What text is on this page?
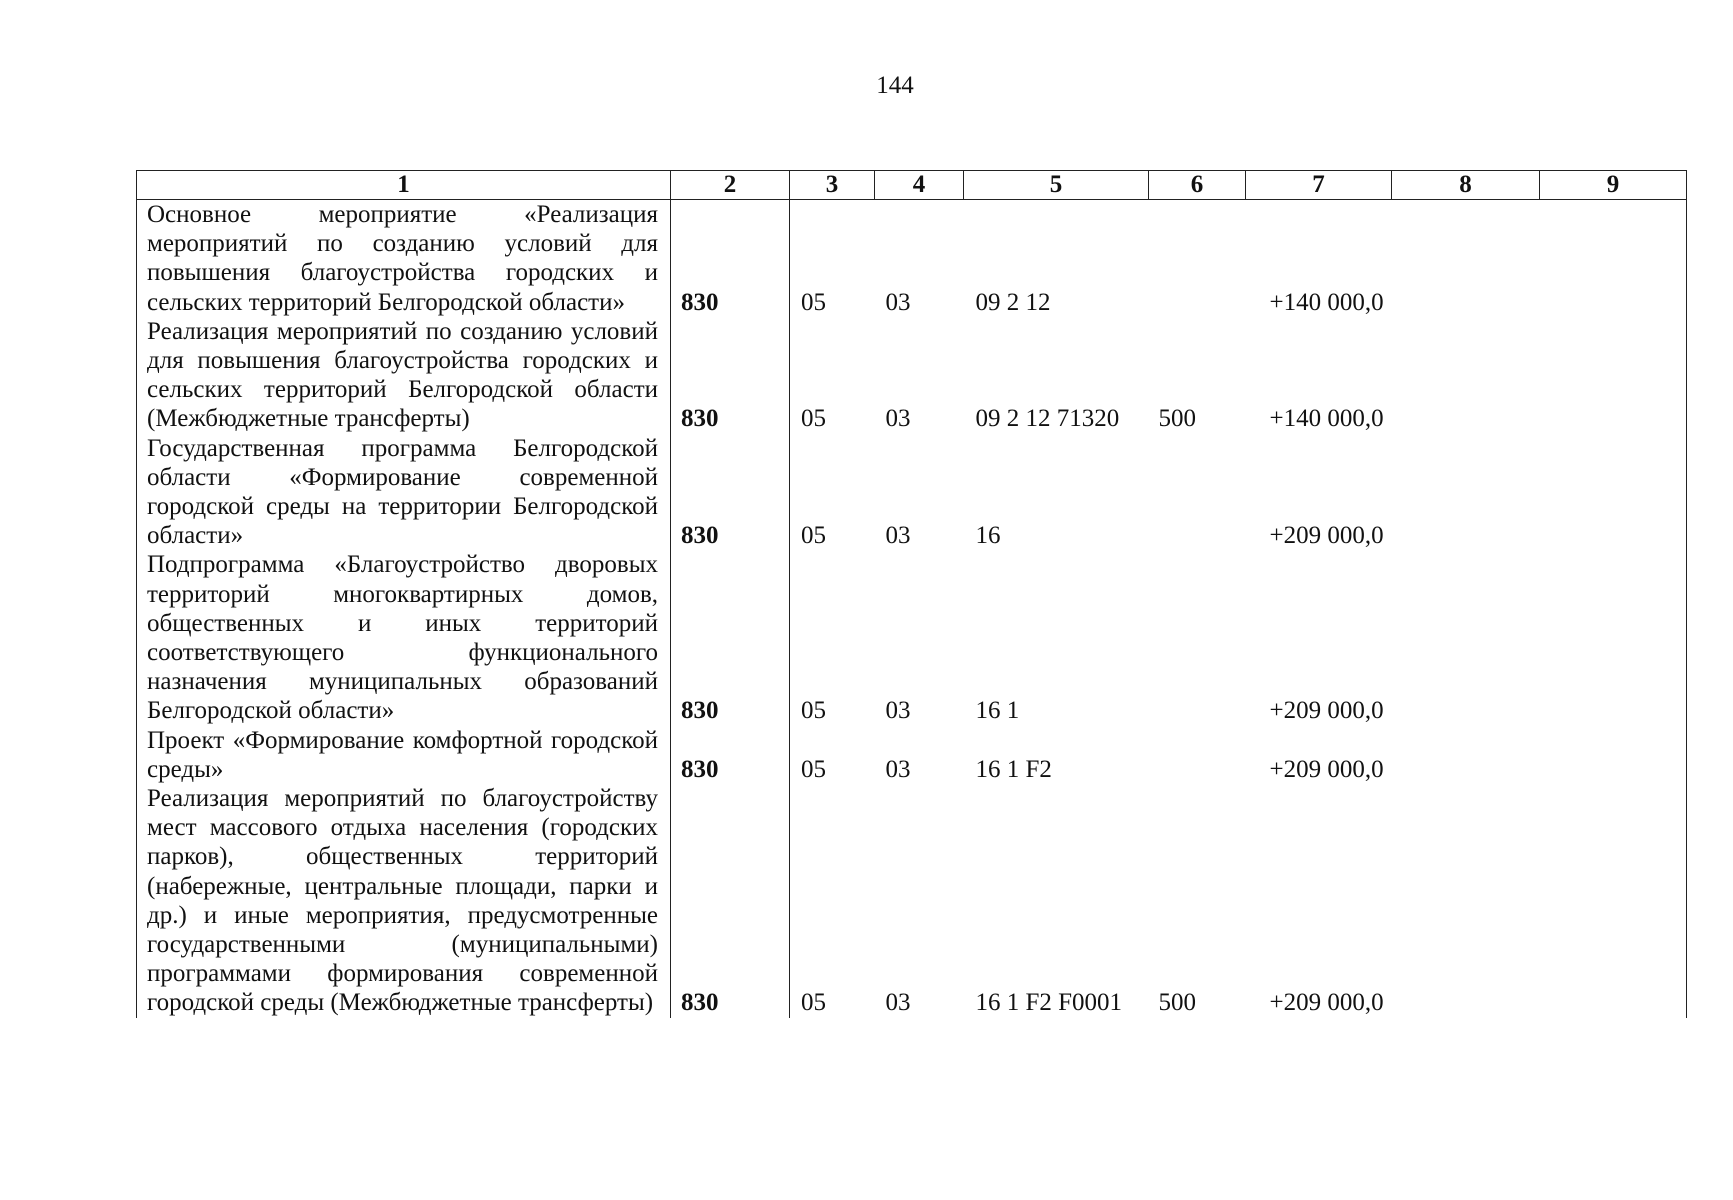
144
1	2	3	4	5	6	7	8	9
Основное мероприятие «Реализация мероприятий по созданию условий для повышения благоустройства городских и сельских территорий Белгородской области»	830	05	03	09 2 12		+140 000,0		
Реализация мероприятий по созданию условий для повышения благоустройства городских и сельских территорий Белгородской области (Межбюджетные трансферты)	830	05	03	09 2 12 71320	500	+140 000,0		
Государственная программа Белгородской области «Формирование современной городской среды на территории Белгородской области»	830	05	03	16		+209 000,0		
Подпрограмма «Благоустройство дворовых территорий многоквартирных домов, общественных и иных территорий соответствующего функционального назначения муниципальных образований Белгородской области»	830	05	03	16 1		+209 000,0		
Проект «Формирование комфортной городской среды»	830	05	03	16 1 F2		+209 000,0		
Реализация мероприятий по благоустройству мест массового отдыха населения (городских парков), общественных территорий (набережные, центральные площади, парки и др.) и иные мероприятия, предусмотренные государственными (муниципальными) программами формирования современной городской среды (Межбюджетные трансферты)	830	05	03	16 1 F2 F0001	500	+209 000,0		
